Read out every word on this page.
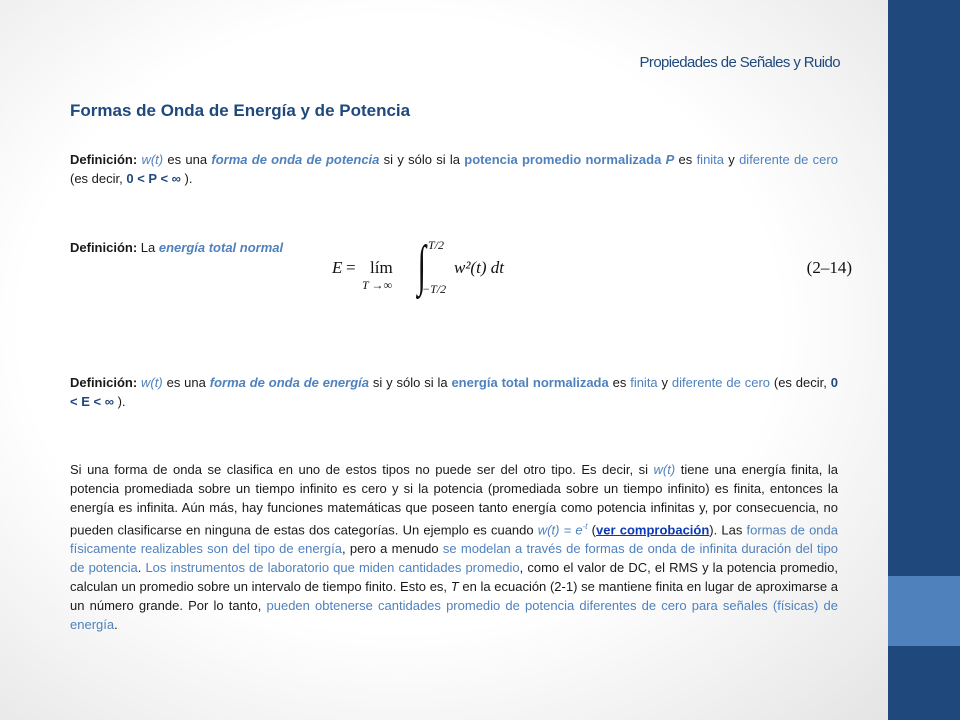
Propiedades de Señales y Ruido
Formas de Onda de Energía y de Potencia
Definición: w(t) es una forma de onda de potencia si y sólo si la potencia promedio normalizada P es finita y diferente de cero (es decir, 0 < P < ∞ ).
Definición: La energía total normal
E = lím
T →∞ ∫ T/2
−T/2
w²(t) dt	(2–14)
Definición: w(t) es una forma de onda de energía si y sólo si la energía total normalizada es finita y diferente de cero (es decir, 0 < E < ∞ ).
Si una forma de onda se clasifica en uno de estos tipos no puede ser del otro tipo. Es decir, si w(t) tiene una energía finita, la potencia promediada sobre un tiempo infinito es cero y si la potencia (promediada sobre un tiempo infinito) es finita, entonces la energía es infinita. Aún más, hay funciones matemáticas que poseen tanto energía como potencia infinitas y, por consecuencia, no pueden clasificarse en ninguna de estas dos categorías. Un ejemplo es cuando $w(t) = e^{-t}$ (ver comprobación). Las formas de onda físicamente realizables son del tipo de energía, pero a menudo se modelan a través de formas de onda de infinita duración del tipo de potencia. Los instrumentos de laboratorio que miden cantidades promedio, como el valor de DC, el RMS y la potencia promedio, calculan un promedio sobre un intervalo de tiempo finito. Esto es, T en la ecuación (2-1) se mantiene finita en lugar de aproximarse a un número grande. Por lo tanto, pueden obtenerse cantidades promedio de potencia diferentes de cero para señales (físicas) de energía.
